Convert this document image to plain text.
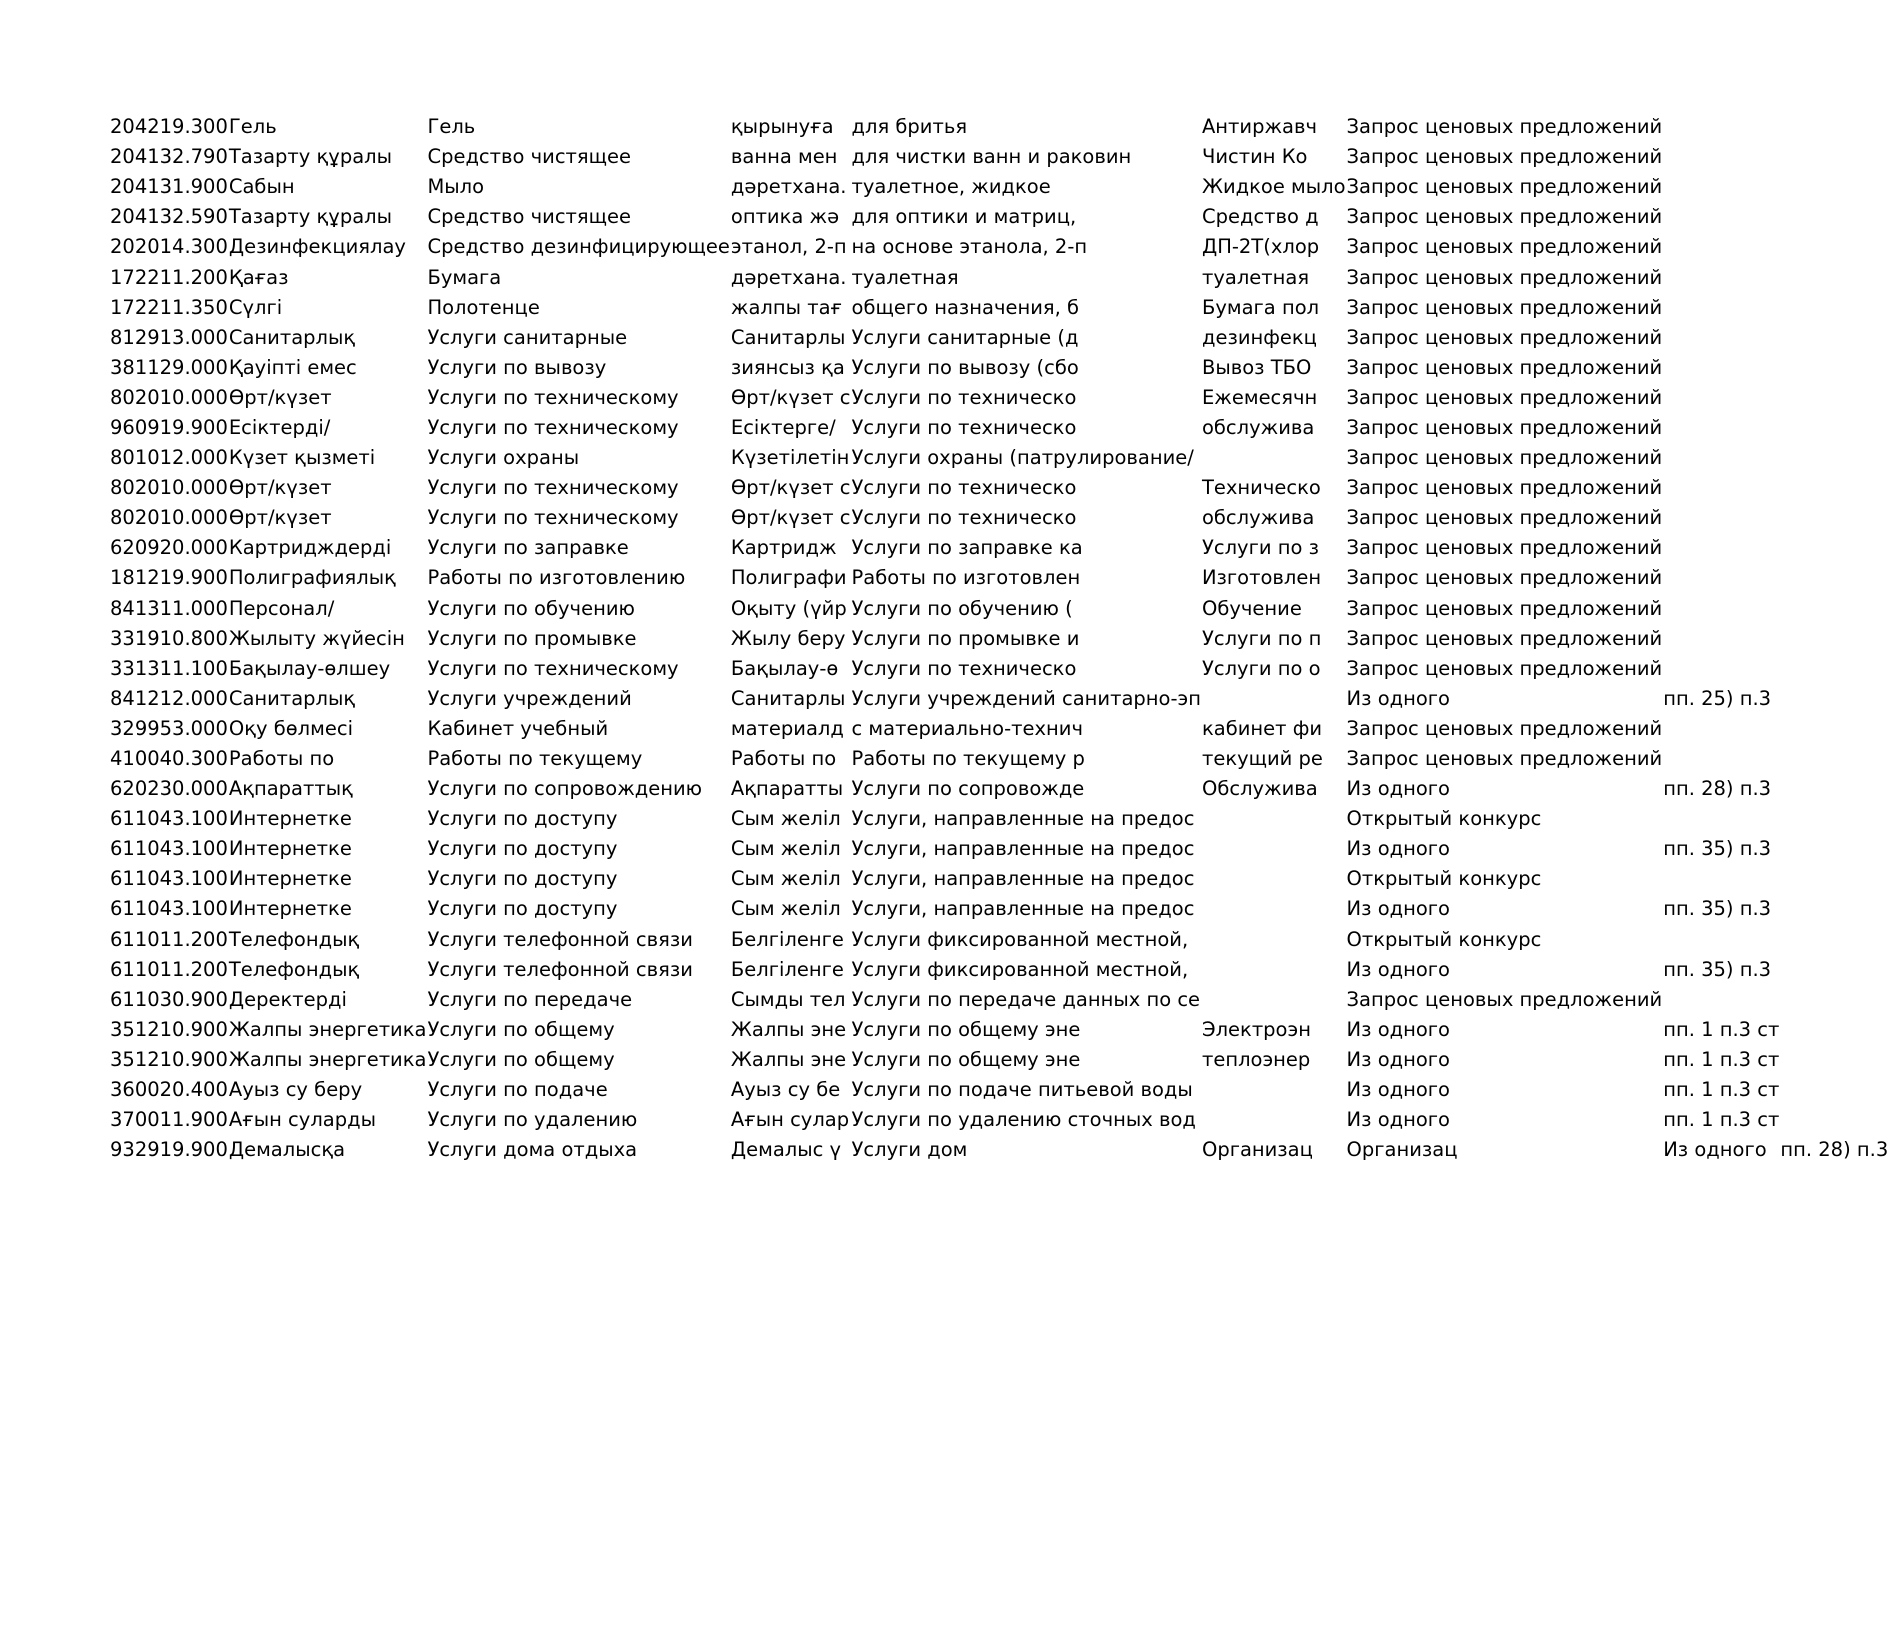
204219.300	Гель	Гель	қырынуға	для бритья	Антиржавч	Запрос ценовых предложений		
204132.790	Тазарту құралы	Средство чистящее	ванна мен	для чистки ванн и раковин	Чистин Ко	Запрос ценовых предложений		
204131.900	Сабын	Мыло	дәретхана.	туалетное, жидкое	Жидкое мыло	Запрос ценовых предложений		
204132.590	Тазарту құралы	Средство чистящее	оптика жә	для оптики и матриц,	Средство д	Запрос ценовых предложений		
202014.300	Дезинфекциялау	Средство дезинфицирующее	этанол, 2-п	на основе этанола, 2-п	ДП-2Т(хлор	Запрос ценовых предложений		
172211.200	Қағаз	Бумага	дәретхана.	туалетная	туалетная	Запрос ценовых предложений		
172211.350	Сүлгі	Полотенце	жалпы тағ	общего назначения, б	Бумага пол	Запрос ценовых предложений		
812913.000	Санитарлық	Услуги санитарные	Санитарлы	Услуги санитарные (д	дезинфекц	Запрос ценовых предложений		
381129.000	Қауіпті емес	Услуги по вывозу	зиянсыз қа	Услуги по вывозу (сбо	Вывоз ТБО	Запрос ценовых предложений		
802010.000	Өрт/күзет	Услуги по техническому	Өрт/күзет с	Услуги по техническо	Ежемесячн	Запрос ценовых предложений		
960919.900	Есіктерді/	Услуги по техническому	Есіктерге/	Услуги по техническо	обслужива	Запрос ценовых предложений		
801012.000	Күзет қызметі	Услуги охраны	Күзетілетін	Услуги охраны (патрулирование/		Запрос ценовых предложений		
802010.000	Өрт/күзет	Услуги по техническому	Өрт/күзет с	Услуги по техническо	Техническо	Запрос ценовых предложений		
802010.000	Өрт/күзет	Услуги по техническому	Өрт/күзет с	Услуги по техническо	обслужива	Запрос ценовых предложений		
620920.000	Картридждерді	Услуги по заправке	Картридж	Услуги по заправке ка	Услуги по з	Запрос ценовых предложений		
181219.900	Полиграфиялық	Работы по изготовлению	Полиграфи	Работы по изготовлен	Изготовлен	Запрос ценовых предложений		
841311.000	Персонал/	Услуги по обучению	Оқыту (үйр	Услуги по обучению (	Обучение	Запрос ценовых предложений		
331910.800	Жылыту жүйесін	Услуги по промывке	Жылу беру	Услуги по промывке и	Услуги по п	Запрос ценовых предложений		
331311.100	Бақылау-өлшеу	Услуги по техническому	Бақылау-ө	Услуги по техническо	Услуги по о	Запрос ценовых предложений		
841212.000	Санитарлық	Услуги учреждений	Санитарлы	Услуги учреждений санитарно-эп		Из одного	пп. 25) п.3	
329953.000	Оқу бөлмесі	Кабинет учебный	материалд	с материально-технич	кабинет фи	Запрос ценовых предложений		
410040.300	Работы по	Работы по текущему	Работы по	Работы по текущему р	текущий ре	Запрос ценовых предложений		
620230.000	Ақпараттық	Услуги по сопровождению	Ақпаратты	Услуги по сопровожде	Обслужива	Из одного	пп. 28) п.3	
611043.100	Интернетке	Услуги по доступу	Сым желіл	Услуги, направленные на предос		Открытый конкурс		
611043.100	Интернетке	Услуги по доступу	Сым желіл	Услуги, направленные на предос		Из одного	пп. 35) п.3	
611043.100	Интернетке	Услуги по доступу	Сым желіл	Услуги, направленные на предос		Открытый конкурс		
611043.100	Интернетке	Услуги по доступу	Сым желіл	Услуги, направленные на предос		Из одного	пп. 35) п.3	
611011.200	Телефондық	Услуги телефонной связи	Белгіленге	Услуги фиксированной местной,		Открытый конкурс		
611011.200	Телефондық	Услуги телефонной связи	Белгіленге	Услуги фиксированной местной,		Из одного	пп. 35) п.3	
611030.900	Деректерді	Услуги по передаче	Сымды тел	Услуги по передаче данных по се		Запрос ценовых предложений		
351210.900	Жалпы энергетика	Услуги по общему	Жалпы эне	Услуги по общему эне	Электроэн	Из одного	пп. 1 п.3 ст	
351210.900	Жалпы энергетика	Услуги по общему	Жалпы эне	Услуги по общему эне	теплоэнер	Из одного	пп. 1 п.3 ст	
360020.400	Ауыз су беру	Услуги по подаче	Ауыз су бе	Услуги по подаче питьевой воды		Из одного	пп. 1 п.3 ст	
370011.900	Ағын суларды	Услуги по удалению	Ағын сулар	Услуги по удалению сточных вод		Из одного	пп. 1 п.3 ст	
932919.900	Демалысқа	Услуги дома отдыха	Демалыс ү	Услуги дом	Организац	Организац	Из одного	пп. 28) п.3
